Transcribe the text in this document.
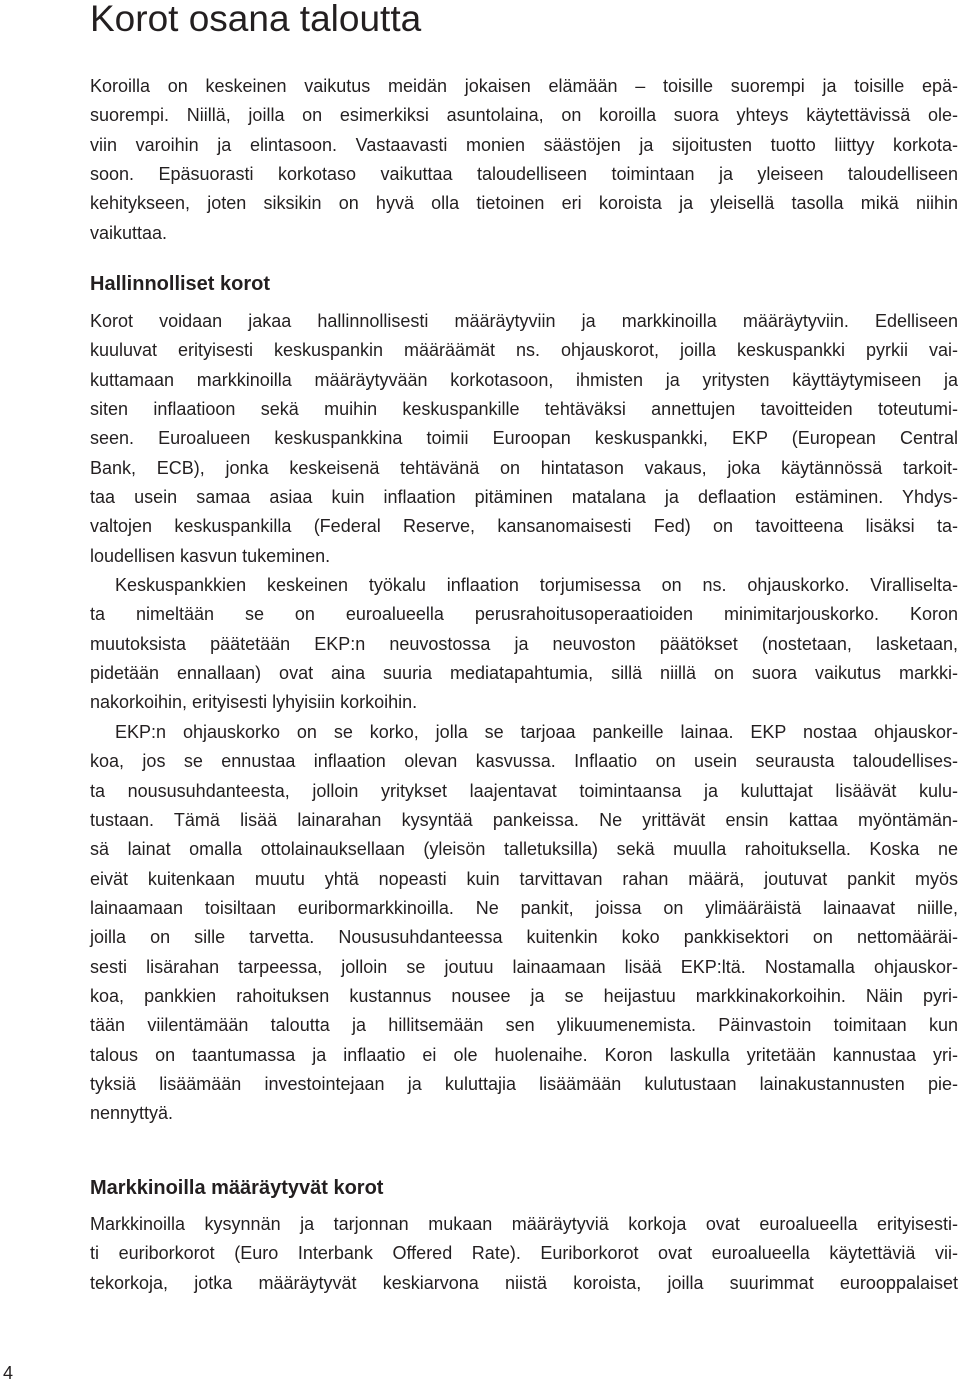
Korot osana taloutta
Koroilla on keskeinen vaikutus meidän jokaisen elämään – toisille suorempi ja toisille epä-
suorempi. Niillä, joilla on esimerkiksi asuntolaina, on koroilla suora yhteys käytettävissä ole-
viin varoihin ja elintasoon. Vastaavasti monien säästöjen ja sijoitusten tuotto liittyy korkota-
soon. Epäsuorasti korkotaso vaikuttaa taloudelliseen toimintaan ja yleiseen taloudelliseen
kehitykseen, joten siksikin on hyvä olla tietoinen eri koroista ja yleisellä tasolla mikä niihin
vaikuttaa.
Hallinnolliset korot
Korot voidaan jakaa hallinnollisesti määräytyviin ja markkinoilla määräytyviin. Edelliseen
kuuluvat erityisesti keskuspankin määräämät ns. ohjauskorot, joilla keskuspankki pyrkii vai-
kuttamaan markkinoilla määräytyvään korkotasoon, ihmisten ja yritysten käyttäytymiseen ja
siten inflaatioon sekä muihin keskuspankille tehtäväksi annettujen tavoitteiden toteutumi-
seen. Euroalueen keskuspankkina toimii Euroopan keskuspankki, EKP (European Central
Bank, ECB), jonka keskeisenä tehtävänä on hintatason vakaus, joka käytännössä tarkoit-
taa usein samaa asiaa kuin inflaation pitäminen matalana ja deflaation estäminen. Yhdys-
valtojen keskuspankilla (Federal Reserve, kansanomaisesti Fed) on tavoitteena lisäksi ta-
loudellisen kasvun tukeminen.
Keskuspankkien keskeinen työkalu inflaation torjumisessa on ns. ohjauskorko. Viralliselta-
ta nimeltään se on euroalueella perusrahoitusoperaatioiden minimitarjouskorko. Koron
muutoksista päätetään EKP:n neuvostossa ja neuvoston päätökset (nostetaan, lasketaan,
pidetään ennallaan) ovat aina suuria mediatapahtumia, sillä niillä on suora vaikutus markki-
nakorkoihin, erityisesti lyhyisiin korkoihin.
EKP:n ohjauskorko on se korko, jolla se tarjoaa pankeille lainaa. EKP nostaa ohjauskor-
koa, jos se ennustaa inflaation olevan kasvussa. Inflaatio on usein seurausta taloudellises-
ta noususuhdanteesta, jolloin yritykset laajentavat toimintaansa ja kuluttajat lisäävät kulu-
tustaan. Tämä lisää lainarahan kysyntää pankeissa. Ne yrittävät ensin kattaa myöntämän-
sä lainat omalla ottolainauksellaan (yleisön talletuksilla) sekä muulla rahoituksella. Koska ne
eivät kuitenkaan muutu yhtä nopeasti kuin tarvittavan rahan määrä, joutuvat pankit myös
lainaamaan toisiltaan euribormarkkinoilla. Ne pankit, joissa on ylimääräistä lainaavat niille,
joilla on sille tarvetta. Noususuhdanteessa kuitenkin koko pankkisektori on nettomääräi-
sesti lisärahan tarpeessa, jolloin se joutuu lainaamaan lisää EKP:ltä. Nostamalla ohjauskor-
koa, pankkien rahoituksen kustannus nousee ja se heijastuu markkinakorkoihin. Näin pyri-
tään viilentämään taloutta ja hillitsemään sen ylikuumenemista. Päinvastoin toimitaan kun
talous on taantumassa ja inflaatio ei ole huolenaihe. Koron laskulla yritetään kannustaa yri-
tyksiä lisäämään investointejaan ja kuluttajia lisäämään kulutustaan lainakustannusten pie-
nennyttyä.
Markkinoilla määräytyvät korot
Markkinoilla kysynnän ja tarjonnan mukaan määräytyviä korkoja ovat euroalueella erityisesti-
ti euriborkorot (Euro Interbank Offered Rate). Euriborkorot ovat euroalueella käytettäviä vii-
tekorkoja, jotka määräytyvät keskiarvona niistä koroista, joilla suurimmat eurooppalaiset
4
